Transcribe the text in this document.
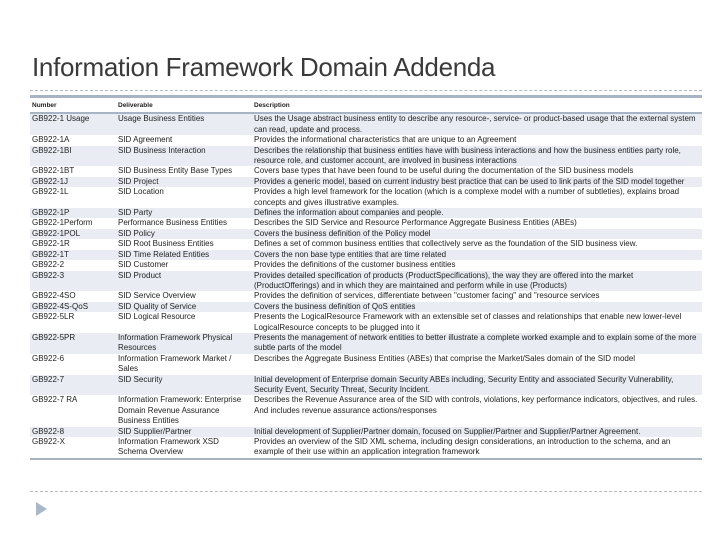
Information Framework Domain Addenda
Number	Deliverable	Description
GB922-1 Usage	Usage Business Entities	Uses the Usage abstract business entity to describe any resource-, service- or product-based usage that the external system can read, update and process.
GB922-1A	SID Agreement	Provides the informational characteristics that are unique to an Agreement
GB922-1BI	SID Business Interaction	Describes the relationship that business entities have with business interactions and how the business entities party role, resource role, and customer account, are involved in business interactions
GB922-1BT	SID Business Entity Base Types	Covers base types that have been found to be useful during the documentation of the SID business models
GB922-1J	SID Project	Provides a generic model, based on current industry best practice that can be used to link parts of the SID model together
GB922-1L	SID Location	Provides a high level framework for the location (which is a complexe model with a number of subtleties), explains broad concepts and gives illustrative examples.
GB922-1P	SID Party	Defines the information about companies and people.
GB922-1Perform	Performance Business Entities	Describes the SID Service and Resource Performance Aggregate Business Entities (ABEs)
GB922-1POL	SID Policy	Covers the business definition of the Policy model
GB922-1R	SID Root Business Entities	Defines a set of common business entities that collectively serve as the foundation of the SID business view.
GB922-1T	SID Time Related Entities	Covers the non base type entities that are time related
GB922-2	SID Customer	Provides the definitions of the customer business entities
GB922-3	SID Product	Provides detailed specification of products (ProductSpecifications), the way they are offered into the market (ProductOfferings) and in which they are maintained and perform while in use (Products)
GB922-4SO	SID Service Overview	Provides the definition of services, differentiate between "customer facing" and "resource services
GB922-4S-QoS	SID Quality of Service	Covers the business definition of QoS entities
GB922-5LR	SID Logical Resource	Presents the LogicalResource Framework with an extensible set of classes and relationships that enable new lower-level LogicalResource concepts to be plugged into it
GB922-5PR	Information Framework Physical Resources	Presents the management of network entities to better illustrate a complete worked example and to explain some of the more subtle parts of the model
GB922-6	Information Framework Market / Sales	Describes the Aggregate Business Entities (ABEs) that comprise the Market/Sales domain of the SID model
GB922-7	SID Security	Initial development of Enterprise domain Security ABEs including, Security Entity and associated Security Vulnerability, Security Event, Security Threat, Security Incident.
GB922-7 RA	Information Framework: Enterprise Domain Revenue Assurance Business Entities	Describes the Revenue Assurance area of the SID with controls, violations, key performance indicators, objectives, and rules. And includes revenue assurance actions/responses
GB922-8	SID Supplier/Partner	Initial development of Supplier/Partner domain, focused on Supplier/Partner and Supplier/Partner Agreement.
GB922-X	Information Framework XSD Schema Overview	Provides an overview of the SID XML schema, including design considerations, an introduction to the schema, and an example of their use within an application integration framework
